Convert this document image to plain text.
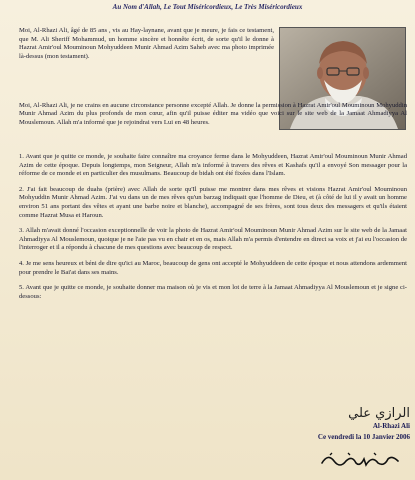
Au Nom d'Allah, Le Tout Miséricordieux, Le Très Miséricordieux

Moi, Al-Rhazi Ali, âgé de 85 ans , vis au Hay-laynane, avant que je meure, je fais ce testament, que M. Ali Sheriff Mohammud, un homme sincère et honnête écrit, de sorte qu'il le donne à Hazrat Amir'oul Mouminoun Mohyuddeen Munir Ahmad Azim Saheb avec ma photo imprimée là-dessus (mon testament).

Moi, Al-Rhazi Ali, je ne crains en aucune circonstance personne excepté Allah. Je donne la permission à Hazrat Amir'oul Mouminoun Mohyuddin Munir Ahmad Azim du plus profonds de mon cœur, afin qu'il puisse éditer ma vidéo que voici sur le site web de la Jamaat Ahmadiyya Al Mouslemoun. Allah m'a informé que je rejoindrai vers Lui en 48 heures.

1. Avant que je quitte ce monde, je souhaite faire connaître ma croyance ferme dans le Mohyuddeen, Hazrat Amir'oul Mouminoun Munir Ahmad Azim de cette époque. Depuis longtemps, mon Seigneur, Allah m'a informé à travers des rêves et Kashafs qu'il a envoyé Son messager pour la réforme de ce monde et en particulier des musulmans. Beaucoup de bidah ont été fixées dans l'Islam.

2. J'ai fait beaucoup de duahs (prière) avec Allah de sorte qu'Il puisse me montrer dans mes rêves et visions Hazrat Amir'oul Mouminoun Mohyuddin Munir Ahmad Azim. J'ai vu dans un de mes rêves qu'un barzag indiquait que l'homme de Dieu, et (à côté de lui il y avait un homme environ 51 ans portant des vêtes et ayant une barbe noire et blanche), accompagné de ses frères, sont tous deux des messagers et qu'ils étaient comme Hazrat Musa et Haroun.

3. Allah m'avait donné l'occasion exceptionnelle de voir la photo de Hazrat Amir'oul Mouminoun Munir Ahmad Azim sur le site web de la Jamaat Ahmadiyya Al Mouslemoun, quoique je ne l'aie pas vu en chair et en os, mais Allah m'a permis d'entendre en direct sa voix et j'ai eu l'occasion de l'interroger et il a répondu à chacune de mes questions avec beaucoup de respect.

4. Je me sens heureux et béni de dire qu'ici au Maroc, beaucoup de gens ont accepté le Mohyuddeen de cette époque et nous attendons ardemment pour prendre le Bai'at dans ses mains.

5. Avant que je quitte ce monde, je souhaite donner ma maison où je vis et mon lot de terre à la Jamaat Ahmadiyya Al Mouslemoun et je signe ci-dessous:

الرازي علي
Al-Rhazi Ali
Ce vendredi la 10 Janvier 2006
